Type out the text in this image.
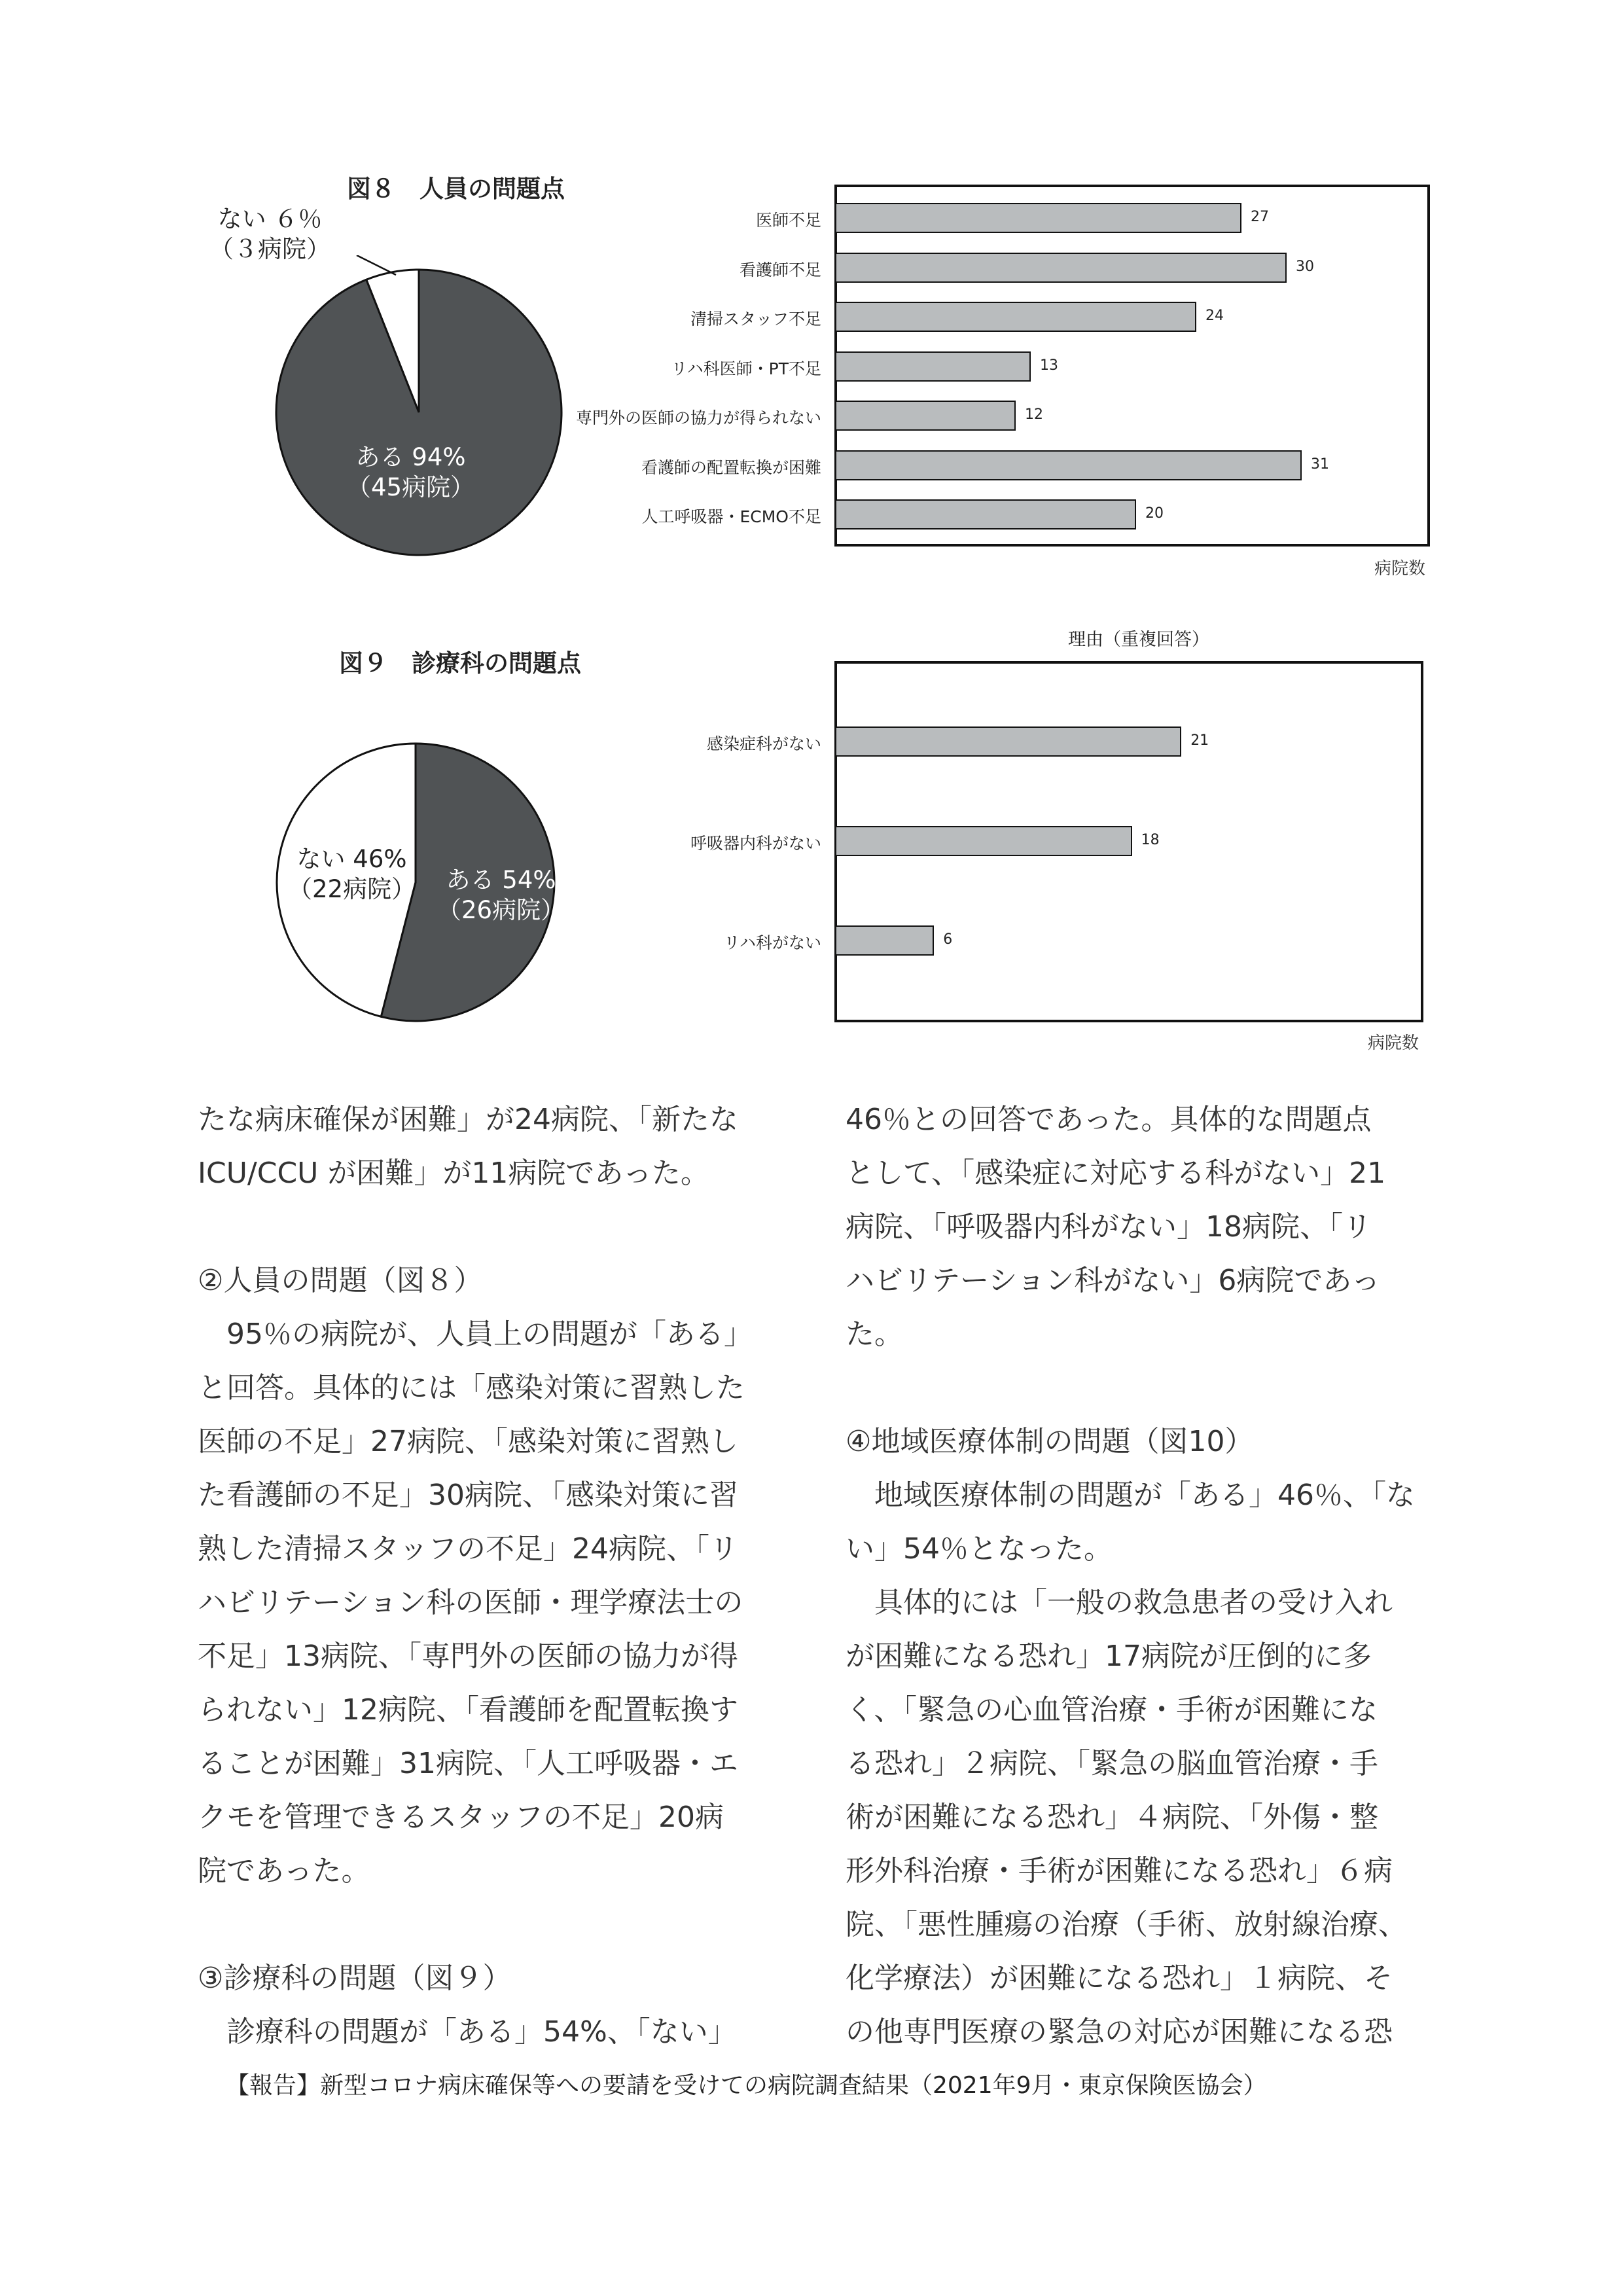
図８　人員の問題点
ない ６％
（３病院）
ある 94%
（45病院）
医師不足	27
看護師不足	30
清掃スタッフ不足	24
リハ科医師・PT不足	13
専門外の医師の協力が得られない	12
看護師の配置転換が困難	31
人工呼吸器・ECMO不足	20
病院数
図９　診療科の問題点
理由（重複回答）
ない 46%
（22病院）	ある 54%
（26病院）
感染症科がない	21
呼吸器内科がない	18
リハ科がない	6
病院数

たな病床確保が困難」が24病院、「新たな

ICU/CCU が困難」が11病院であった。

②人員の問題（図８）

　95％の病院が、人員上の問題が「ある」

と回答。具体的には「感染対策に習熟した

医師の不足」27病院、「感染対策に習熟し

た看護師の不足」30病院、「感染対策に習

熟した清掃スタッフの不足」24病院、「リ

ハビリテーション科の医師・理学療法士の

不足」13病院、「専門外の医師の協力が得

られない」12病院、「看護師を配置転換す

ることが困難」31病院、「人工呼吸器・エ

クモを管理できるスタッフの不足」20病

院であった。

③診療科の問題（図９）

　診療科の問題が「ある」54%、「ない」

46％との回答であった。具体的な問題点

として、「感染症に対応する科がない」21

病院、「呼吸器内科がない」18病院、「リ

ハビリテーション科がない」6病院であっ

た。

④地域医療体制の問題（図10）

　地域医療体制の問題が「ある」46％、「な

い」54％となった。

　具体的には「一般の救急患者の受け入れ

が困難になる恐れ」17病院が圧倒的に多

く、「緊急の心血管治療・手術が困難にな

る恐れ」２病院、「緊急の脳血管治療・手

術が困難になる恐れ」４病院、「外傷・整

形外科治療・手術が困難になる恐れ」６病

院、「悪性腫瘍の治療（手術、放射線治療、

化学療法）が困難になる恐れ」１病院、そ

の他専門医療の緊急の対応が困難になる恐

【報告】新型コロナ病床確保等への要請を受けての病院調査結果（2021年9月・東京保険医協会）
